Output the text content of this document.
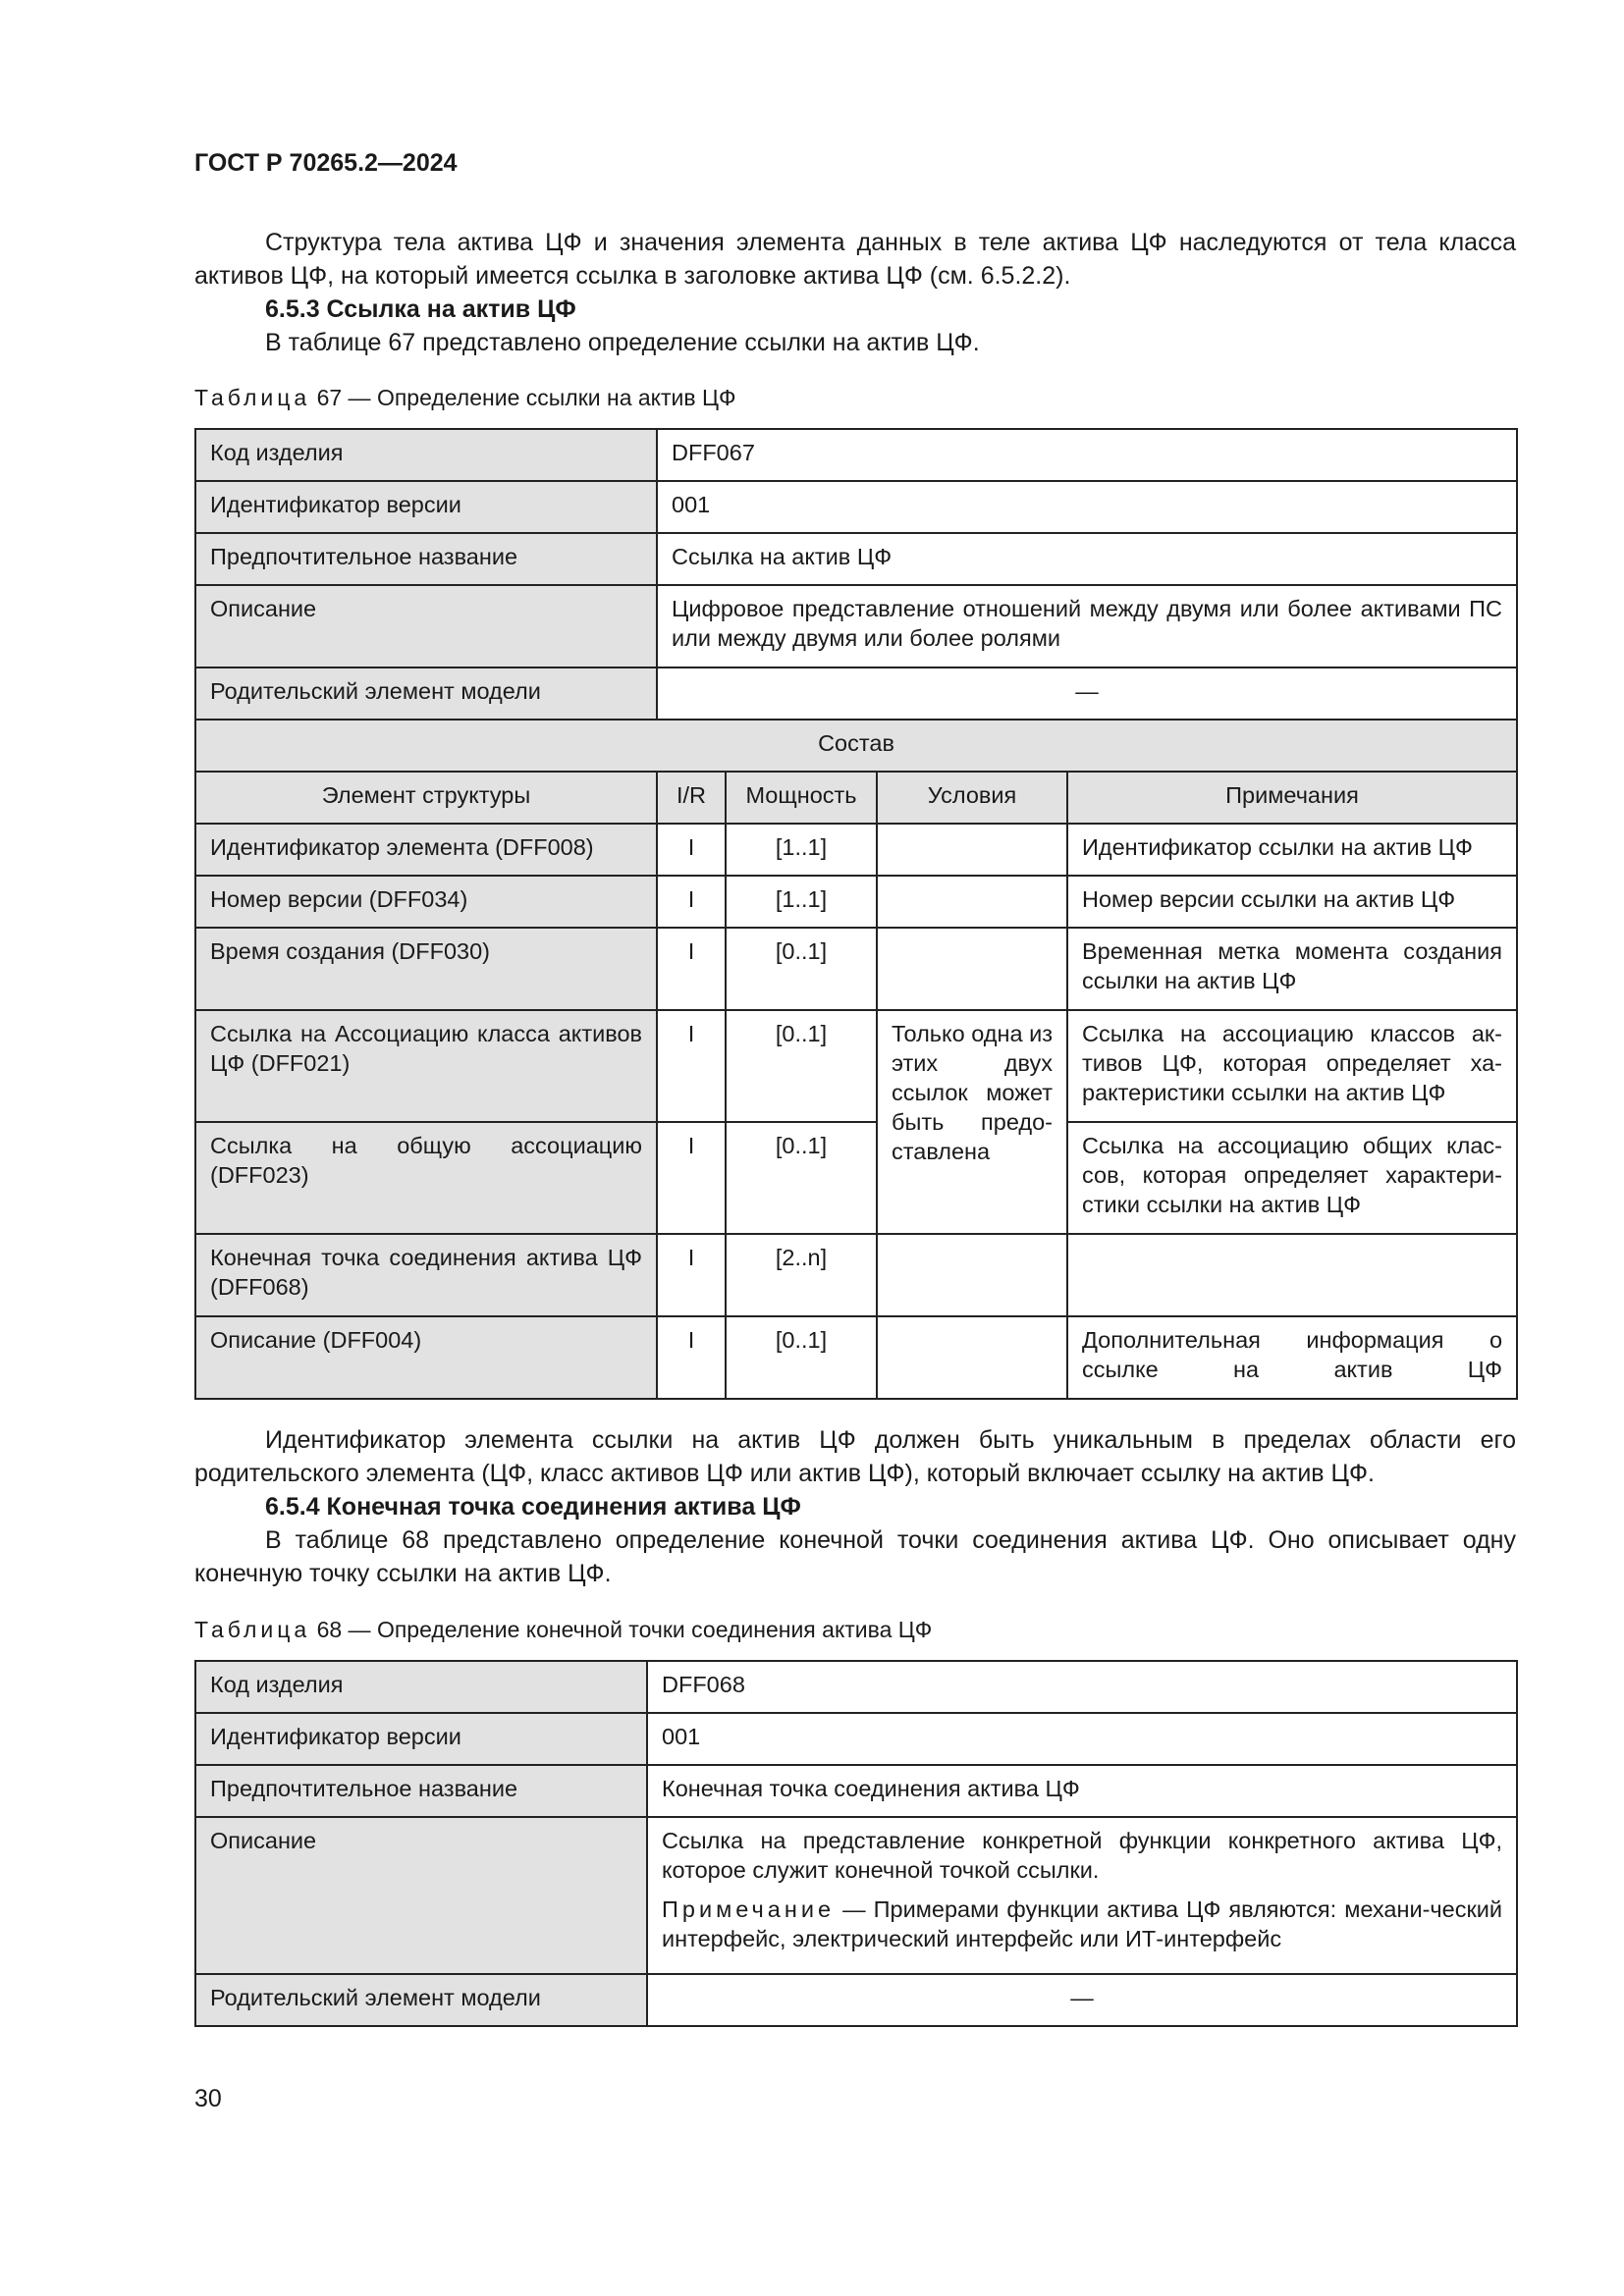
ГОСТ Р 70265.2—2024

Структура тела актива ЦФ и значения элемента данных в теле актива ЦФ наследуются от тела класса активов ЦФ, на который имеется ссылка в заголовке актива ЦФ (см. 6.5.2.2).

6.5.3 Ссылка на актив ЦФ

В таблице 67 представлено определение ссылки на актив ЦФ.

Таблица 67 — Определение ссылки на актив ЦФ

Код изделия	DFF067			
Идентификатор версии	001			
Предпочтительное название	Ссылка на актив ЦФ			
Описание	Цифровое представление отношений между двумя или более активами ПС или между двумя или более ролями			
Родительский элемент модели	—			
Состав				
Элемент структуры	I/R	Мощность	Условия	Примечания
Идентификатор элемента (DFF008)	I	[1..1]		Идентификатор ссылки на актив ЦФ
Номер версии (DFF034)	I	[1..1]		Номер версии ссылки на актив ЦФ
Время создания (DFF030)	I	[0..1]		Временная метка момента создания ссылки на актив ЦФ
Ссылка на Ассоциацию класса активов ЦФ (DFF021)	I	[0..1]	Только одна из этих двух ссылок может быть предо-ставлена	Ссылка на ассоциацию классов ак-тивов ЦФ, которая определяет ха-рактеристики ссылки на актив ЦФ
Ссылка на общую ассоциацию (DFF023)	I	[0..1]		Ссылка на ассоциацию общих клас-сов, которая определяет характери-стики ссылки на актив ЦФ
Конечная точка соединения актива ЦФ (DFF068)	I	[2..n]		
Описание (DFF004)	I	[0..1]		Дополнительная информация о ссылке на актив ЦФ

Идентификатор элемента ссылки на актив ЦФ должен быть уникальным в пределах области его родительского элемента (ЦФ, класс активов ЦФ или актив ЦФ), который включает ссылку на актив ЦФ.

6.5.4 Конечная точка соединения актива ЦФ

В таблице 68 представлено определение конечной точки соединения актива ЦФ. Оно описывает одну конечную точку ссылки на актив ЦФ.

Таблица 68 — Определение конечной точки соединения актива ЦФ

Код изделия	DFF068
Идентификатор версии	001
Предпочтительное название	Конечная точка соединения актива ЦФ
Описание	Ссылка на представление конкретной функции конкретного актива ЦФ, которое служит конечной точкой ссылки.

Примечание — Примерами функции актива ЦФ являются: механи-ческий интерфейс, электрический интерфейс или ИТ-интерфейс

Родительский элемент модели	—
30
